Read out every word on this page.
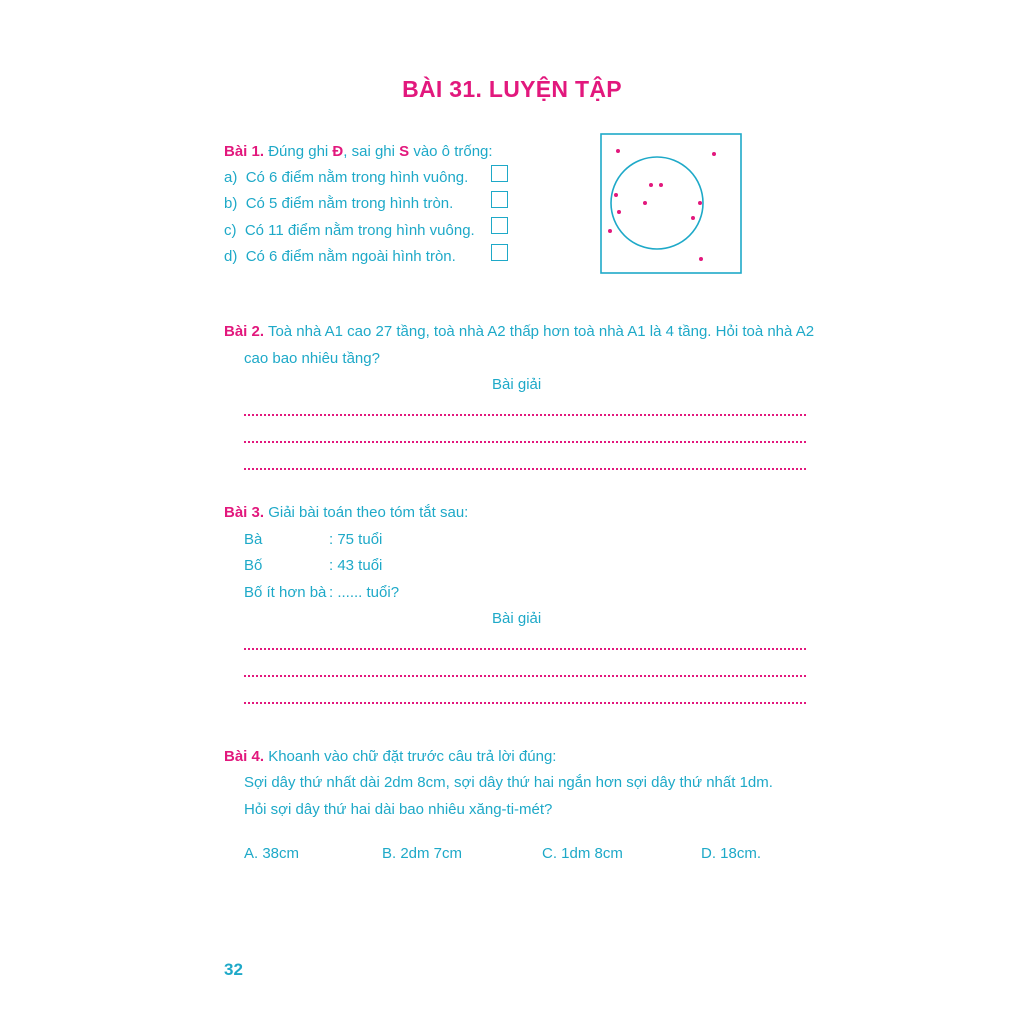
BÀI 31. LUYỆN TẬP
Bài 1. Đúng ghi Đ, sai ghi S vào ô trống:
a) Có 6 điểm nằm trong hình vuông.
b) Có 5 điểm nằm trong hình tròn.
c) Có 11 điểm nằm trong hình vuông.
d) Có 6 điểm nằm ngoài hình tròn.
Bài 2. Toà nhà A1 cao 27 tầng, toà nhà A2 thấp hơn toà nhà A1 là 4 tầng. Hỏi toà nhà A2
cao bao nhiêu tầng?
Bài giải
Bài 3. Giải bài toán theo tóm tắt sau:
Bà	: 75 tuổi
Bố	: 43 tuổi
Bố ít hơn bà : ...... tuổi?
Bài giải
Bài 4. Khoanh vào chữ đặt trước câu trả lời đúng:
Sợi dây thứ nhất dài 2dm 8cm, sợi dây thứ hai ngắn hơn sợi dây thứ nhất 1dm.
Hỏi sợi dây thứ hai dài bao nhiêu xăng-ti-mét?
A. 38cm	B. 2dm 7cm	C. 1dm 8cm	D. 18cm.
32
